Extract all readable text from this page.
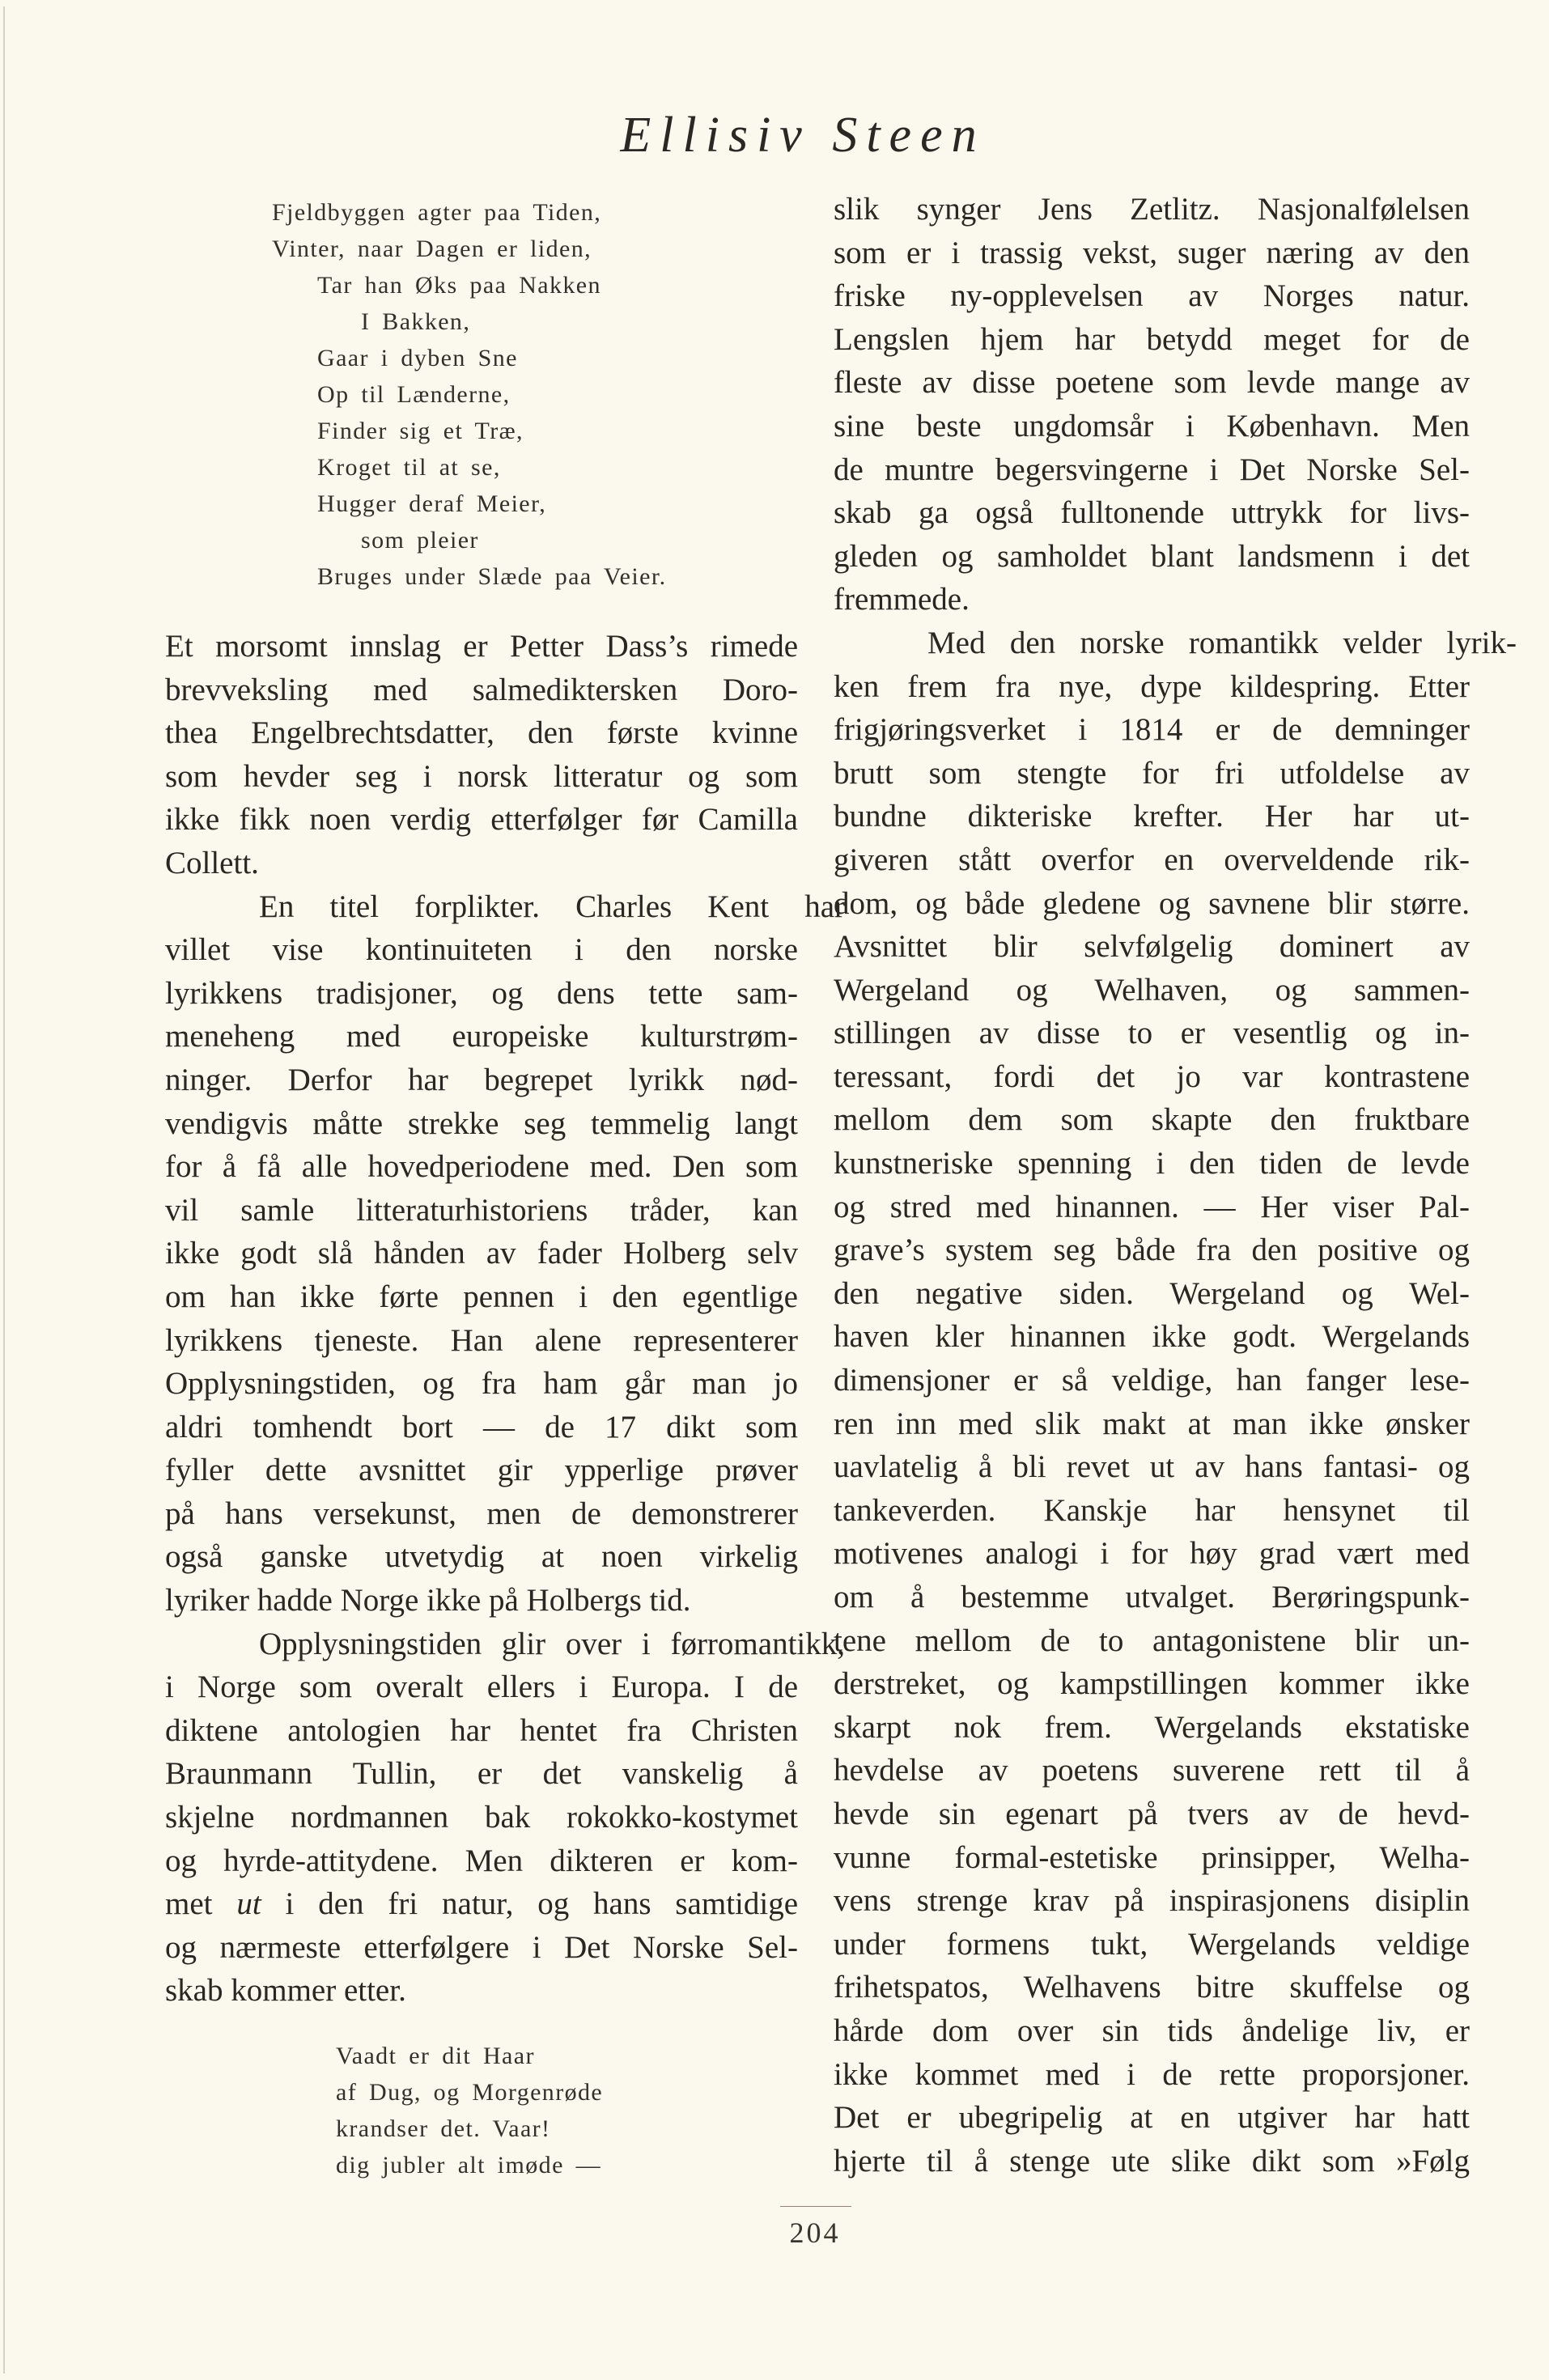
Ellisiv Steen
Fjeldbyggen agter paa Tiden,
Vinter, naar Dagen er liden,
Tar han Øks paa Nakken
I Bakken,
Gaar i dyben Sne
Op til Lænderne,
Finder sig et Træ,
Kroget til at se,
Hugger deraf Meier,
som pleier
Bruges under Slæde paa Veier.
Et morsomt innslag er Petter Dass’s rimede
brevveksling med salmediktersken Doro-
thea Engelbrechtsdatter, den første kvinne
som hevder seg i norsk litteratur og som
ikke fikk noen verdig etterfølger før Camilla
Collett.
En titel forplikter. Charles Kent har
villet vise kontinuiteten i den norske
lyrikkens tradisjoner, og dens tette sam-
meneheng med europeiske kulturstrøm-
ninger. Derfor har begrepet lyrikk nød-
vendigvis måtte strekke seg temmelig langt
for å få alle hovedperiodene med. Den som
vil samle litteraturhistoriens tråder, kan
ikke godt slå hånden av fader Holberg selv
om han ikke førte pennen i den egentlige
lyrikkens tjeneste. Han alene representerer
Opplysningstiden, og fra ham går man jo
aldri tomhendt bort — de 17 dikt som
fyller dette avsnittet gir ypperlige prøver
på hans versekunst, men de demonstrerer
også ganske utvetydig at noen virkelig
lyriker hadde Norge ikke på Holbergs tid.
Opplysningstiden glir over i førromantikk,
i Norge som overalt ellers i Europa. I de
diktene antologien har hentet fra Christen
Braunmann Tullin, er det vanskelig å
skjelne nordmannen bak rokokko-kostymet
og hyrde-attitydene. Men dikteren er kom-
met ut i den fri natur, og hans samtidige
og nærmeste etterfølgere i Det Norske Sel-
skab kommer etter.
Vaadt er dit Haar
af Dug, og Morgenrøde
krandser det. Vaar!
dig jubler alt imøde —
slik synger Jens Zetlitz. Nasjonalfølelsen
som er i trassig vekst, suger næring av den
friske ny-opplevelsen av Norges natur.
Lengslen hjem har betydd meget for de
fleste av disse poetene som levde mange av
sine beste ungdomsår i København. Men
de muntre begersvingerne i Det Norske Sel-
skab ga også fulltonende uttrykk for livs-
gleden og samholdet blant landsmenn i det
fremmede.
Med den norske romantikk velder lyrik-
ken frem fra nye, dype kildespring. Etter
frigjøringsverket i 1814 er de demninger
brutt som stengte for fri utfoldelse av
bundne dikteriske krefter. Her har ut-
giveren stått overfor en overveldende rik-
dom, og både gledene og savnene blir større.
Avsnittet blir selvfølgelig dominert av
Wergeland og Welhaven, og sammen-
stillingen av disse to er vesentlig og in-
teressant, fordi det jo var kontrastene
mellom dem som skapte den fruktbare
kunstneriske spenning i den tiden de levde
og stred med hinannen. — Her viser Pal-
grave’s system seg både fra den positive og
den negative siden. Wergeland og Wel-
haven kler hinannen ikke godt. Wergelands
dimensjoner er så veldige, han fanger lese-
ren inn med slik makt at man ikke ønsker
uavlatelig å bli revet ut av hans fantasi- og
tankeverden. Kanskje har hensynet til
motivenes analogi i for høy grad vært med
om å bestemme utvalget. Berøringspunk-
tene mellom de to antagonistene blir un-
derstreket, og kampstillingen kommer ikke
skarpt nok frem. Wergelands ekstatiske
hevdelse av poetens suverene rett til å
hevde sin egenart på tvers av de hevd-
vunne formal-estetiske prinsipper, Welha-
vens strenge krav på inspirasjonens disiplin
under formens tukt, Wergelands veldige
frihetspatos, Welhavens bitre skuffelse og
hårde dom over sin tids åndelige liv, er
ikke kommet med i de rette proporsjoner.
Det er ubegripelig at en utgiver har hatt
hjerte til å stenge ute slike dikt som »Følg
204
